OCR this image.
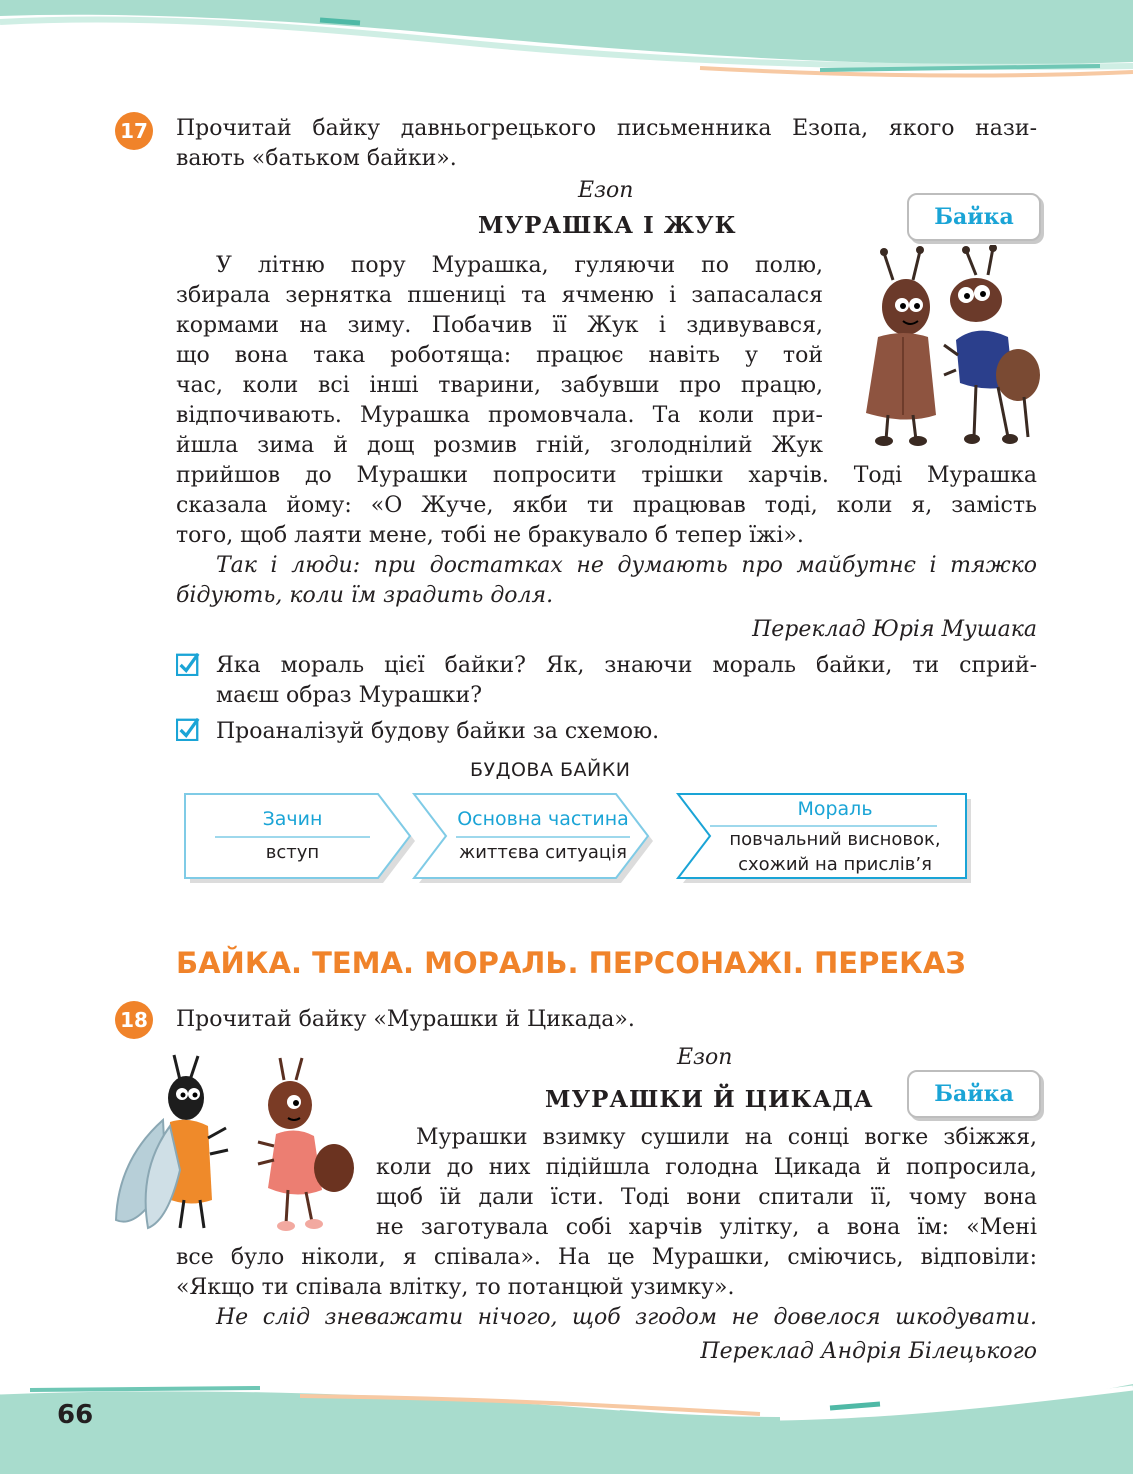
17 Прочитай байку давньогрецького письменника Езопа, якого нази-
вають «батьком байки».
Езоп
МУРАШКА І ЖУК	Байка
У літню пору Мурашка, гуляючи по полю,
збирала зернятка пшениці та ячменю і запасалася
кормами на зиму. Побачив її Жук і здивувався,
що вона така роботяща: працює навіть у той
час, коли всі інші тварини, забувши про працю,
відпочивають. Мурашка промовчала. Та коли при-
йшла зима й дощ розмив гній, зголоднілий Жук
прийшов до Мурашки попросити трішки харчів. Тоді Мурашка
сказала йому: «О Жуче, якби ти працював тоді, коли я, замість
того, щоб лаяти мене, тобі не бракувало б тепер їжі».
Так і люди: при достатках не думають про майбутнє і тяжко
бідують, коли їм зрадить доля.
Переклад Юрія Мушака
Яка мораль цієї байки? Як, знаючи мораль байки, ти сприй-
маєш образ Мурашки?
Проаналізуй будову байки за схемою.
БУДОВА БАЙКИ
Зачин
вступ
Основна частина
життєва ситуація
Мораль
повчальний висновок,
схожий на прислів’я
БАЙКА. ТЕМА. МОРАЛЬ. ПЕРСОНАЖІ. ПЕРЕКАЗ
18 Прочитай байку «Мурашки й Цикада».
Езоп
МУРАШКИ Й ЦИКАДА	Байка
Мурашки взимку сушили на сонці вогке збіжжя,
коли до них підійшла голодна Цикада й попросила,
щоб їй дали їсти. Тоді вони спитали її, чому вона
не заготувала собі харчів улітку, а вона їм: «Мені
все було ніколи, я співала». На це Мурашки, сміючись, відповіли:
«Якщо ти співала влітку, то потанцюй узимку».
Не слід зневажати нічого, щоб згодом не довелося шкодувати.
Переклад Андрія Білецького
66
